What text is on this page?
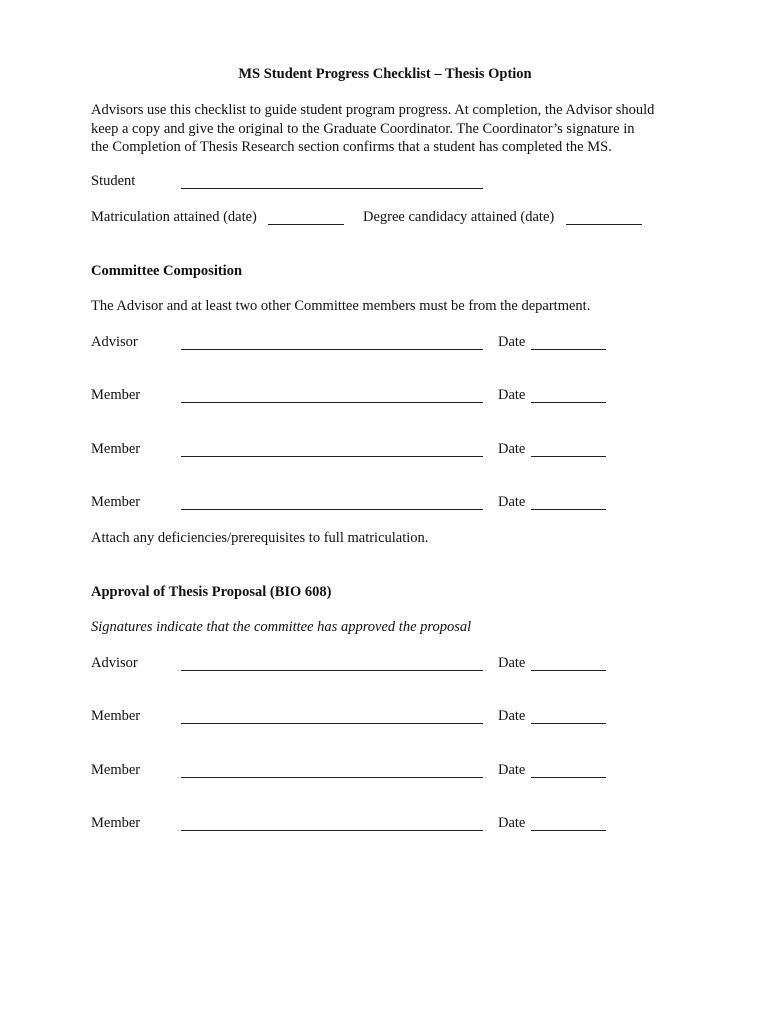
MS Student Progress Checklist – Thesis Option
Advisors use this checklist to guide student program progress. At completion, the Advisor should
keep a copy and give the original to the Graduate Coordinator. The Coordinator’s signature in
the Completion of Thesis Research section confirms that a student has completed the MS.
Student
Matriculation attained (date)	Degree candidacy attained (date)
Committee Composition
The Advisor and at least two other Committee members must be from the department.
Advisor	Date
Member	Date
Member	Date
Member	Date
Attach any deficiencies/prerequisites to full matriculation.
Approval of Thesis Proposal (BIO 608)
Signatures indicate that the committee has approved the proposal
Advisor	Date
Member	Date
Member	Date
Member	Date
